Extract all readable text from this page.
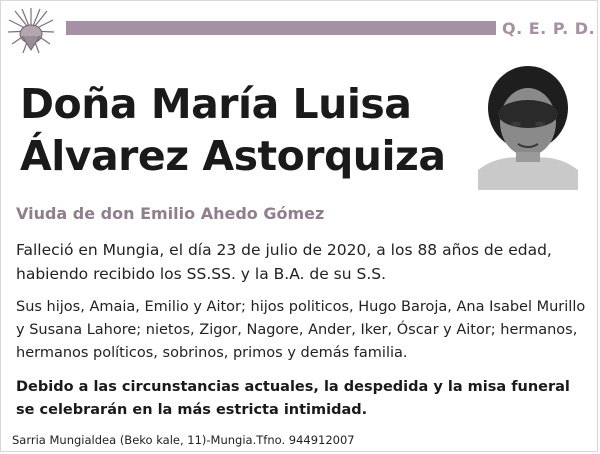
Q. E. P. D.
Doña María Luisa
Álvarez Astorquiza
Viuda de don Emilio Ahedo Gómez
Falleció en Mungia, el día 23 de julio de 2020, a los 88 años de edad, habiendo recibido los SS.SS. y la B.A. de su S.S.
Sus hijos, Amaia, Emilio y Aitor; hijos politicos, Hugo Baroja, Ana Isabel Murillo y Susana Lahore; nietos, Zigor, Nagore, Ander, Iker, Óscar y Aitor; hermanos, hermanos políticos, sobrinos, primos y demás familia.
Debido a las circunstancias actuales, la despedida y la misa funeral se celebrarán en la más estricta intimidad.
Sarria Mungialdea (Beko kale, 11)-Mungia.Tfno. 944912007
